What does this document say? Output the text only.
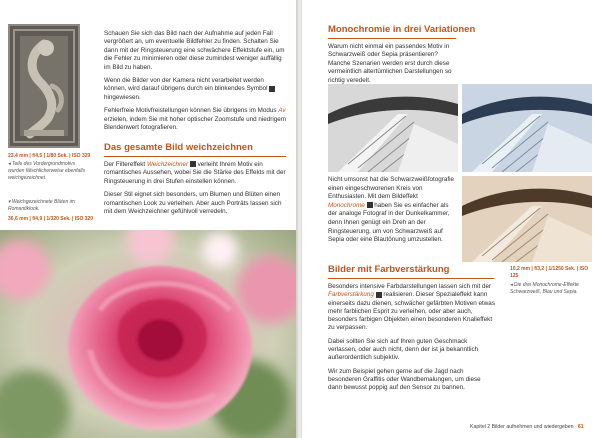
23,4 mm | f/4,5 | 1/80 Sek. | ISO 320
◂ Teile des Vordergrundmotivs wurden fälschlicherweise ebenfalls weichgezeichnet.
▾ Weichgezeichnete Blüten im Romantiklook.
30,6 mm | f/4,9 | 1/320 Sek. | ISO 320

Schauen Sie sich das Bild nach der Aufnahme auf jeden Fall vergrößert an, um eventuelle Bildfehler zu finden. Schalten Sie dann mit der Ringsteuerung eine schwächere Effektstufe ein, um die Fehler zu minimieren oder diese zumindest weniger auffällig im Bild zu haben.

Wenn die Bilder von der Kamera nicht verarbeitet werden können, wird darauf übrigens durch ein blinkendes Symbol  hingewiesen.

Fehlerfreie Motivfreistellungen können Sie übrigens im Modus Av erzielen, indem Sie mit hoher optischer Zoomstufe und niedrigem Blendenwert fotografieren.

Das gesamte Bild weichzeichnen

Der Filtereffekt Weichzeichner verleiht Ihrem Motiv ein romantisches Aussehen, wobei Sie die Stärke des Effekts mit der Ringsteuerung in drei Stufen einstellen können.

Dieser Stil eignet sich besonders, um Blumen und Blüten einen romantischen Look zu verleihen. Aber auch Porträts lassen sich mit dem Weichzeichner gefühlvoll verredeln.

Monochromie in drei Variationen
Warum nicht einmal ein passendes Motiv in Schwarzweiß oder Sepia präsentieren? Manche Szenarien werden erst durch diese vermeintlich altertümlichen Darstellungen so richtig veredelt.
Nicht umsonst hat die Schwarzweißfotografie einen eingeschworenen Kreis von Enthusiasten. Mit dem Bildeffekt Monochrome haben Sie es einfacher als der analoge Fotograf in der Dunkelkammer, denn Ihnen genügt ein Dreh an der Ringsteuerung, um von Schwarzweiß auf Sepia oder eine Blautönung umzustellen.
10,2 mm | f/3,2 | 1/1250 Sek. | ISO 125
◂ Die drei Monochrome-Effekte Schwarzweiß, Blau und Sepia.
Bilder mit Farbverstärkung

Besonders intensive Farbdarstellungen lassen sich mit der Farbverstärkung realisieren. Dieser Spezialeffekt kann einerseits dazu dienen, schwächer gefärbten Motiven etwas mehr farblichen Esprit zu verleihen, oder aber auch, besonders farbigen Objekten einen besonderen Knalleffekt zu verpassen.

Dabei sollten Sie sich auf Ihren guten Geschmack verlassen, oder auch nicht, denn der ist ja bekanntlich außerordentlich subjektiv.

Wir zum Beispiel gehen gerne auf die Jagd nach besonderen Graffitis oder Wandbemalungen, um diese dann bewusst poppig auf den Sensor zu bannen.

Kapitel 2 Bilder aufnehmen und wiedergeben 61
